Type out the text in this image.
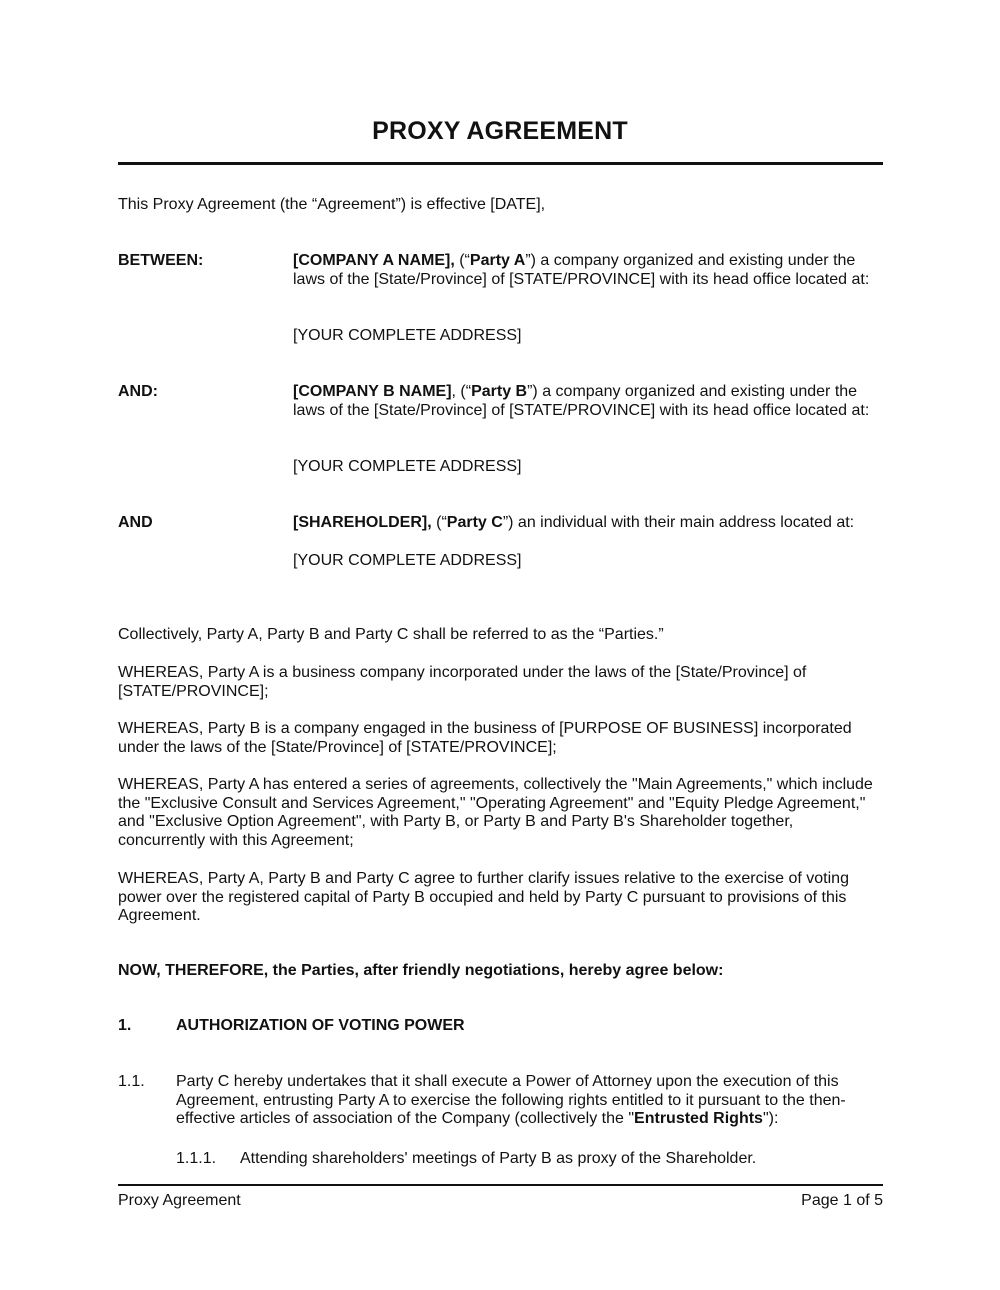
PROXY AGREEMENT
This Proxy Agreement (the “Agreement”) is effective [DATE],
BETWEEN:	[COMPANY A NAME], (“Party A”) a company organized and existing under the laws of the [State/Province] of [STATE/PROVINCE] with its head office located at:
[YOUR COMPLETE ADDRESS]
AND:	[COMPANY B NAME], (“Party B”) a company organized and existing under the laws of the [State/Province] of [STATE/PROVINCE] with its head office located at:
[YOUR COMPLETE ADDRESS]
AND	[SHAREHOLDER], (“Party C”) an individual with their main address located at:
[YOUR COMPLETE ADDRESS]
Collectively, Party A, Party B and Party C shall be referred to as the “Parties.”
WHEREAS, Party A is a business company incorporated under the laws of the [State/Province] of [STATE/PROVINCE];
WHEREAS, Party B is a company engaged in the business of [PURPOSE OF BUSINESS] incorporated under the laws of the [State/Province] of [STATE/PROVINCE];
WHEREAS, Party A has entered a series of agreements, collectively the "Main Agreements," which include the "Exclusive Consult and Services Agreement," "Operating Agreement" and "Equity Pledge Agreement," and "Exclusive Option Agreement", with Party B, or Party B and Party B's Shareholder together, concurrently with this Agreement;
WHEREAS, Party A, Party B and Party C agree to further clarify issues relative to the exercise of voting power over the registered capital of Party B occupied and held by Party C pursuant to provisions of this Agreement.
NOW, THEREFORE, the Parties, after friendly negotiations, hereby agree below:
1.	AUTHORIZATION OF VOTING POWER
1.1. Party C hereby undertakes that it shall execute a Power of Attorney upon the execution of this Agreement, entrusting Party A to exercise the following rights entitled to it pursuant to the then-effective articles of association of the Company (collectively the "Entrusted Rights"):
1.1.1. Attending shareholders' meetings of Party B as proxy of the Shareholder.
Proxy Agreement	Page 1 of 5
